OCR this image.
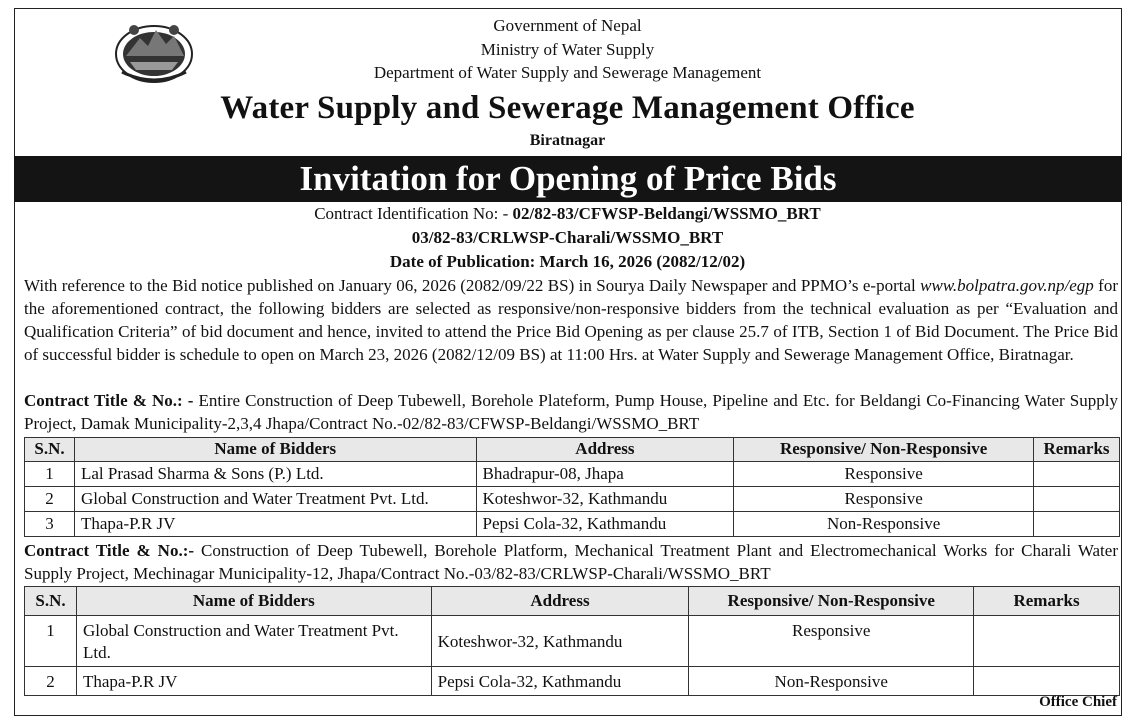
Government of Nepal
Ministry of Water Supply
Department of Water Supply and Sewerage Management
Water Supply and Sewerage Management Office
Biratnagar
Invitation for Opening of Price Bids
Contract Identification No: - 02/82-83/CFWSP-Beldangi/WSSMO_BRT
03/82-83/CRLWSP-Charali/WSSMO_BRT
Date of Publication: March 16, 2026 (2082/12/02)

With reference to the Bid notice published on January 06, 2026 (2082/09/22 BS) in Sourya Daily Newspaper and PPMO’s e-portal www.bolpatra.gov.np/egp for the aforementioned contract, the following bidders are selected as responsive/non-responsive bidders from the technical evaluation as per “Evaluation and Qualification Criteria” of bid document and hence, invited to attend the Price Bid Opening as per clause 25.7 of ITB, Section 1 of Bid Document. The Price Bid of successful bidder is schedule to open on March 23, 2026 (2082/12/09 BS) at 11:00 Hrs. at Water Supply and Sewerage Management Office, Biratnagar.

Contract Title & No.: - Entire Construction of Deep Tubewell, Borehole Plateform, Pump House, Pipeline and Etc. for Beldangi Co-Financing Water Supply Project, Damak Municipality-2,3,4 Jhapa/Contract No.-02/82-83/CFWSP-Beldangi/WSSMO_BRT

S.N.	Name of Bidders	Address	Responsive/ Non-Responsive	Remarks
1	Lal Prasad Sharma & Sons (P.) Ltd.	Bhadrapur-08, Jhapa	Responsive	
2	Global Construction and Water Treatment Pvt. Ltd.	Koteshwor-32, Kathmandu	Responsive	
3	Thapa-P.R JV	Pepsi Cola-32, Kathmandu	Non-Responsive	

Contract Title & No.:- Construction of Deep Tubewell, Borehole Platform, Mechanical Treatment Plant and Electromechanical Works for Charali Water Supply Project, Mechinagar Municipality-12, Jhapa/Contract No.-03/82-83/CRLWSP-Charali/WSSMO_BRT

S.N.	Name of Bidders	Address	Responsive/ Non-Responsive	Remarks
1	Global Construction and Water Treatment Pvt. Ltd.	Koteshwor-32, Kathmandu	Responsive	
2	Thapa-P.R JV	Pepsi Cola-32, Kathmandu	Non-Responsive	
Office Chief
